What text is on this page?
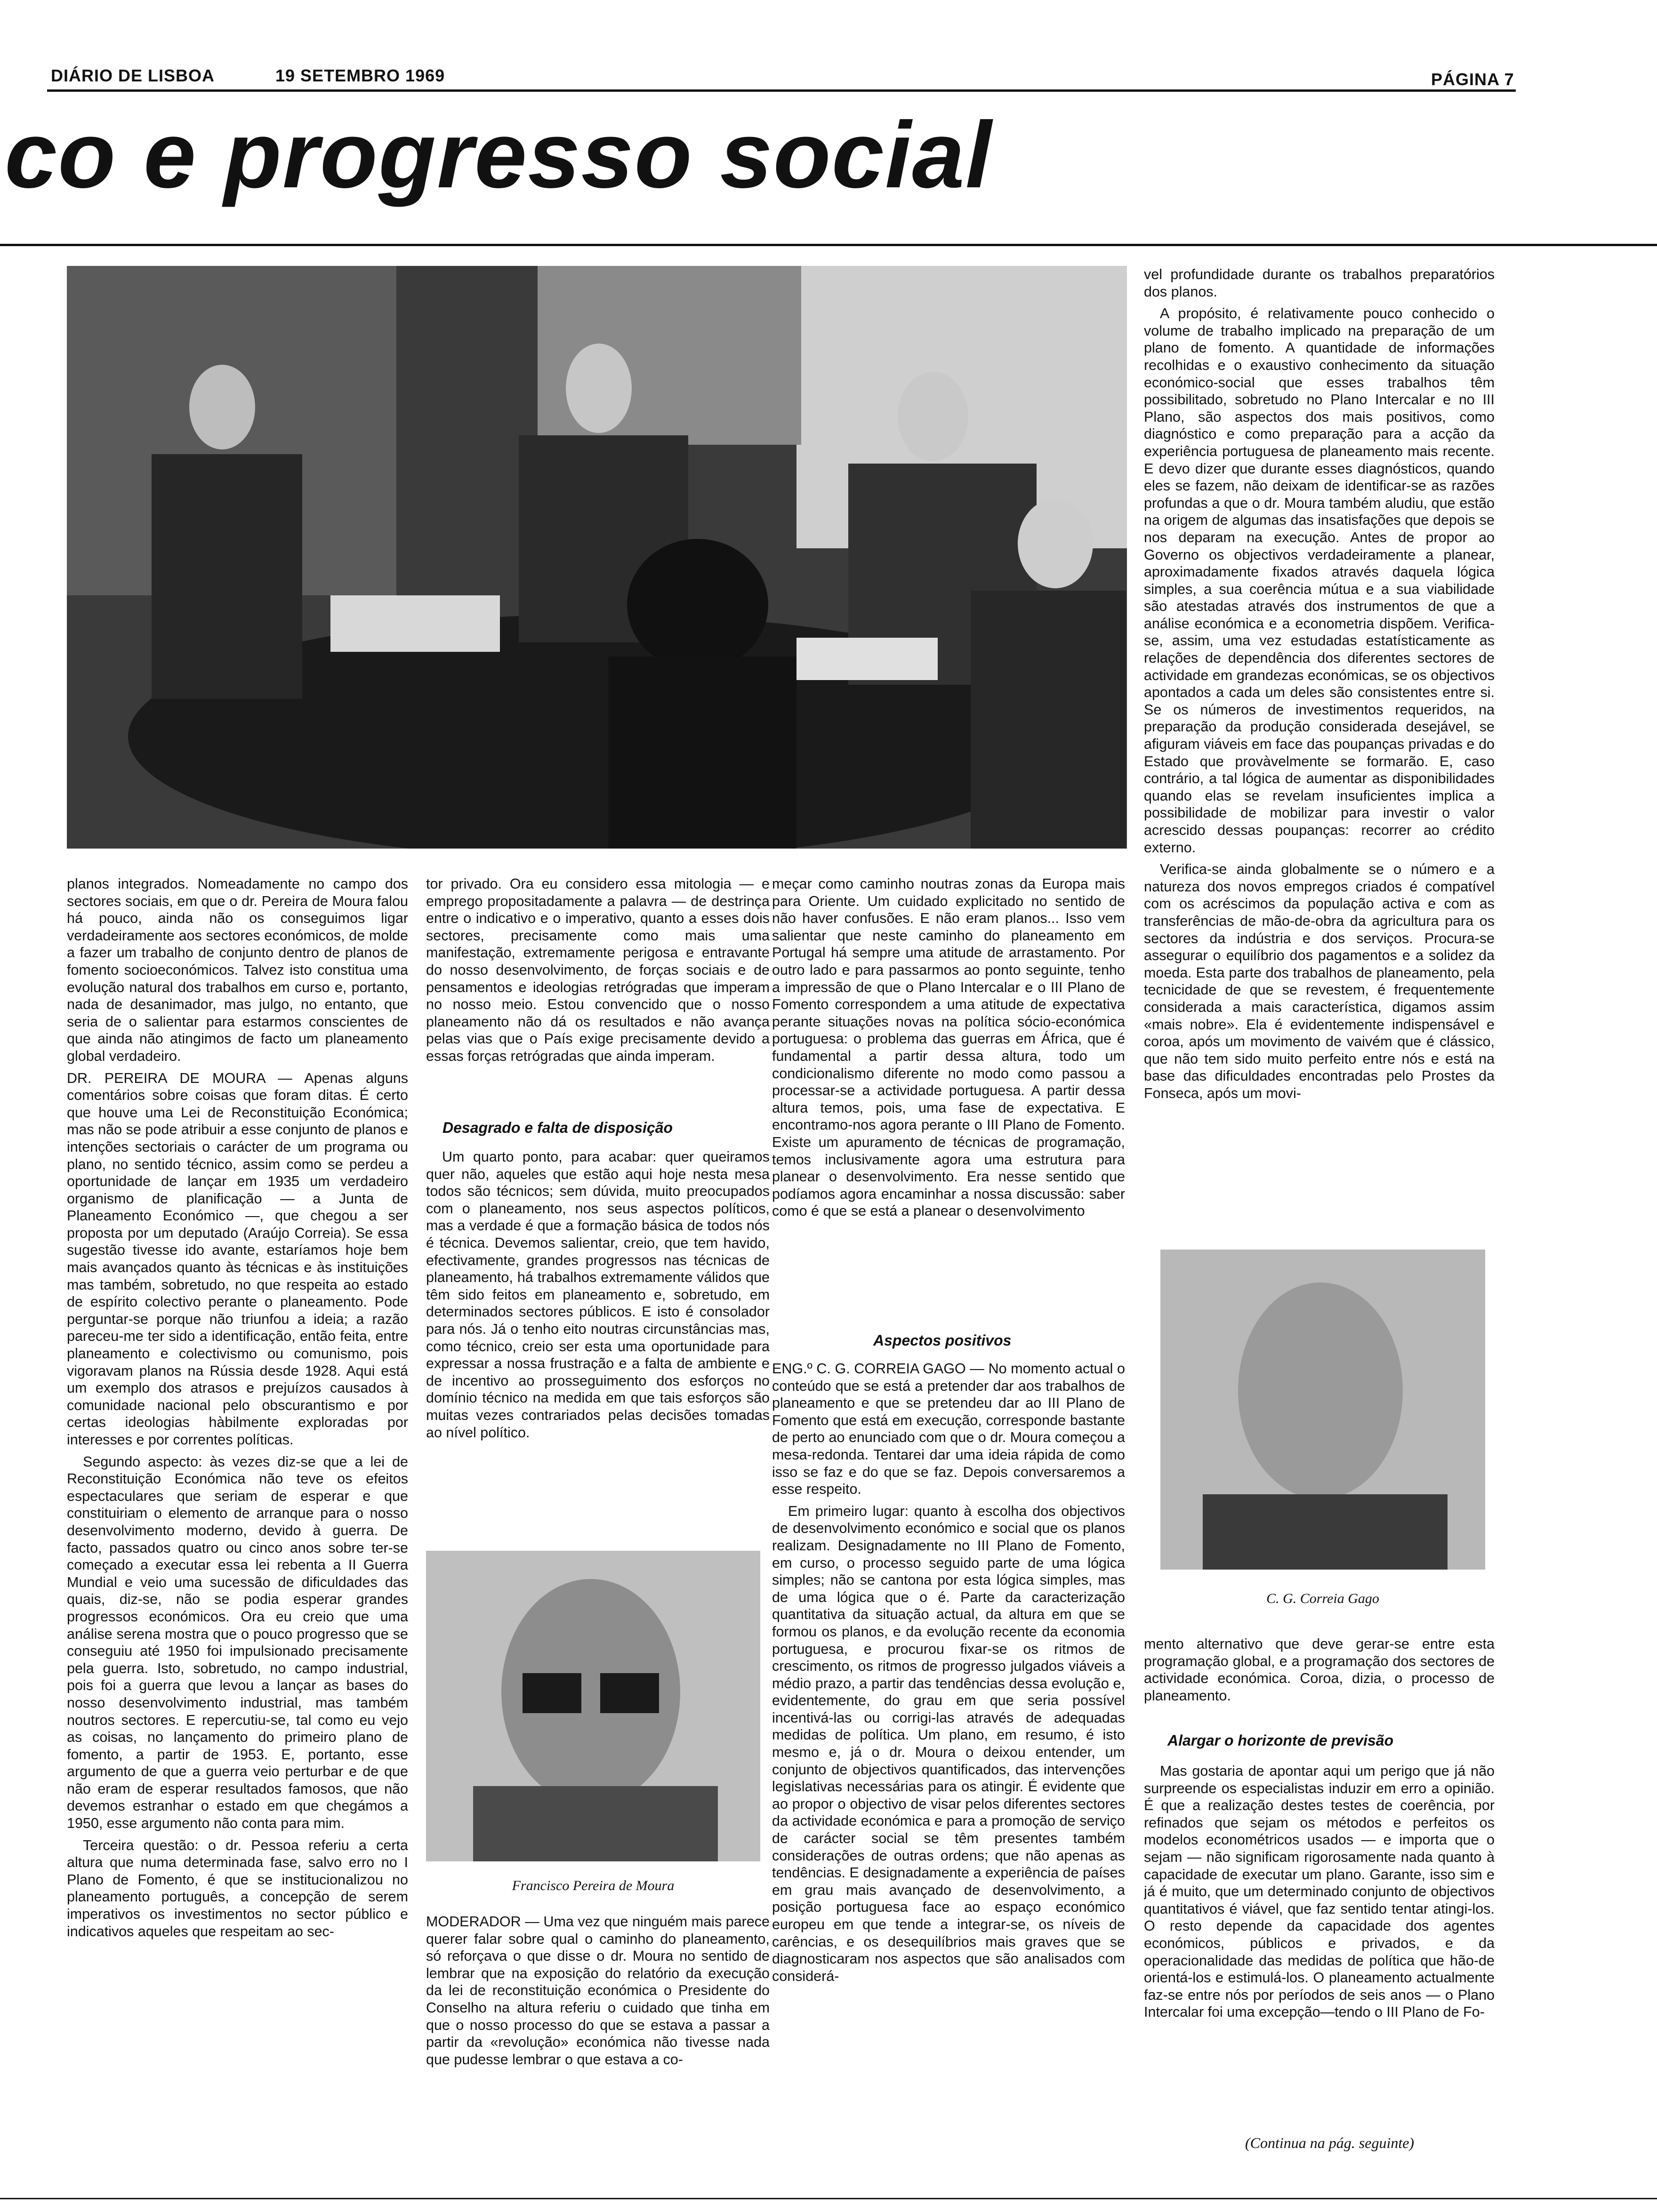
DIÁRIO DE LISBOA	19 SETEMBRO 1969	PÁGINA 7
co e progresso social

planos integrados. Nomeadamente no campo dos sectores sociais, em que o dr. Pereira de Moura falou há pouco, ainda não os conseguimos ligar verdadeiramente aos sectores económicos, de molde a fazer um trabalho de conjunto dentro de planos de fomento socioeconómicos. Talvez isto constitua uma evolução natural dos trabalhos em curso e, portanto, nada de desanimador, mas julgo, no entanto, que seria de o salientar para estarmos conscientes de que ainda não atingimos de facto um planeamento global verdadeiro.

DR. PEREIRA DE MOURA — Apenas alguns comentários sobre coisas que foram ditas. É certo que houve uma Lei de Reconstituição Económica; mas não se pode atribuir a esse conjunto de planos e intenções sectoriais o carácter de um programa ou plano, no sentido técnico, assim como se perdeu a oportunidade de lançar em 1935 um verdadeiro organismo de planificação — a Junta de Planeamento Económico —, que chegou a ser proposta por um deputado (Araújo Correia). Se essa sugestão tivesse ido avante, estaríamos hoje bem mais avançados quanto às técnicas e às instituições mas também, sobretudo, no que respeita ao estado de espírito colectivo perante o planeamento. Pode perguntar-se porque não triunfou a ideia; a razão pareceu-me ter sido a identificação, então feita, entre planeamento e colectivismo ou comunismo, pois vigoravam planos na Rússia desde 1928. Aqui está um exemplo dos atrasos e prejuízos causados à comunidade nacional pelo obscurantismo e por certas ideologias hàbilmente exploradas por interesses e por correntes políticas.

Segundo aspecto: às vezes diz-se que a lei de Reconstituição Económica não teve os efeitos espectaculares que seriam de esperar e que constituiriam o elemento de arranque para o nosso desenvolvimento moderno, devido à guerra. De facto, passados quatro ou cinco anos sobre ter-se começado a executar essa lei rebenta a II Guerra Mundial e veio uma sucessão de dificuldades das quais, diz-se, não se podia esperar grandes progressos económicos. Ora eu creio que uma análise serena mostra que o pouco progresso que se conseguiu até 1950 foi impulsionado precisamente pela guerra. Isto, sobretudo, no campo industrial, pois foi a guerra que levou a lançar as bases do nosso desenvolvimento industrial, mas também noutros sectores. E repercutiu-se, tal como eu vejo as coisas, no lançamento do primeiro plano de fomento, a partir de 1953. E, portanto, esse argumento de que a guerra veio perturbar e de que não eram de esperar resultados famosos, que não devemos estranhar o estado em que chegámos a 1950, esse argumento não conta para mim.

Terceira questão: o dr. Pessoa referiu a certa altura que numa determinada fase, salvo erro no I Plano de Fomento, é que se institucionalizou no planeamento português, a concepção de serem imperativos os investimentos no sector público e indicativos aqueles que respeitam ao sec-

tor privado. Ora eu considero essa mitologia — e emprego propositadamente a palavra — de destrinça entre o indicativo e o imperativo, quanto a esses dois sectores, precisamente como mais uma manifestação, extremamente perigosa e entravante do nosso desenvolvimento, de forças sociais e de pensamentos e ideologias retrógradas que imperam no nosso meio. Estou convencido que o nosso planeamento não dá os resultados e não avança pelas vias que o País exige precisamente devido a essas forças retrógradas que ainda imperam.

Desagrado e falta de disposição

Um quarto ponto, para acabar: quer queiramos quer não, aqueles que estão aqui hoje nesta mesa todos são técnicos; sem dúvida, muito preocupados com o planeamento, nos seus aspectos políticos, mas a verdade é que a formação básica de todos nós é técnica. Devemos salientar, creio, que tem havido, efectivamente, grandes progressos nas técnicas de planeamento, há trabalhos extremamente válidos que têm sido feitos em planeamento e, sobretudo, em determinados sectores públicos. E isto é consolador para nós. Já o tenho eito noutras circunstâncias mas, como técnico, creio ser esta uma oportunidade para expressar a nossa frustração e a falta de ambiente e de incentivo ao prosseguimento dos esforços no domínio técnico na medida em que tais esforços são muitas vezes contrariados pelas decisões tomadas ao nível político.

Francisco Pereira de Moura

MODERADOR — Uma vez que ninguém mais parece querer falar sobre qual o caminho do planeamento, só reforçava o que disse o dr. Moura no sentido de lembrar que na exposição do relatório da execução da lei de reconstituição económica o Presidente do Conselho na altura referiu o cuidado que tinha em que o nosso processo do que se estava a passar a partir da «revolução» económica não tivesse nada que pudesse lembrar o que estava a co-

meçar como caminho noutras zonas da Europa mais para Oriente. Um cuidado explicitado no sentido de não haver confusões. E não eram planos... Isso vem salientar que neste caminho do planeamento em Portugal há sempre uma atitude de arrastamento. Por outro lado e para passarmos ao ponto seguinte, tenho a impressão de que o Plano Intercalar e o III Plano de Fomento correspondem a uma atitude de expectativa perante situações novas na política sócio-económica portuguesa: o problema das guerras em África, que é fundamental a partir dessa altura, todo um condicionalismo diferente no modo como passou a processar-se a actividade portuguesa. A partir dessa altura temos, pois, uma fase de expectativa. E encontramo-nos agora perante o III Plano de Fomento. Existe um apuramento de técnicas de programação, temos inclusivamente agora uma estrutura para planear o desenvolvimento. Era nesse sentido que podíamos agora encaminhar a nossa discussão: saber como é que se está a planear o desenvolvimento

Aspectos positivos

ENG.º C. G. CORREIA GAGO — No momento actual o conteúdo que se está a pretender dar aos trabalhos de planeamento e que se pretendeu dar ao III Plano de Fomento que está em execução, corresponde bastante de perto ao enunciado com que o dr. Moura começou a mesa-redonda. Tentarei dar uma ideia rápida de como isso se faz e do que se faz. Depois conversaremos a esse respeito.

Em primeiro lugar: quanto à escolha dos objectivos de desenvolvimento económico e social que os planos realizam. Designadamente no III Plano de Fomento, em curso, o processo seguido parte de uma lógica simples; não se cantona por esta lógica simples, mas de uma lógica que o é. Parte da caracterização quantitativa da situação actual, da altura em que se formou os planos, e da evolução recente da economia portuguesa, e procurou fixar-se os ritmos de crescimento, os ritmos de progresso julgados viáveis a médio prazo, a partir das tendências dessa evolução e, evidentemente, do grau em que seria possível incentivá-las ou corrigi-las através de adequadas medidas de política. Um plano, em resumo, é isto mesmo e, já o dr. Moura o deixou entender, um conjunto de objectivos quantificados, das intervenções legislativas necessárias para os atingir. É evidente que ao propor o objectivo de visar pelos diferentes sectores da actividade económica e para a promoção de serviço de carácter social se têm presentes também considerações de outras ordens; que não apenas as tendências. E designadamente a experiência de países em grau mais avançado de desenvolvimento, a posição portuguesa face ao espaço económico europeu em que tende a integrar-se, os níveis de carências, e os desequilíbrios mais graves que se diagnosticaram nos aspectos que são analisados com considerá-

vel profundidade durante os trabalhos preparatórios dos planos.

A propósito, é relativamente pouco conhecido o volume de trabalho implicado na preparação de um plano de fomento. A quantidade de informações recolhidas e o exaustivo conhecimento da situação económico-social que esses trabalhos têm possibilitado, sobretudo no Plano Intercalar e no III Plano, são aspectos dos mais positivos, como diagnóstico e como preparação para a acção da experiência portuguesa de planeamento mais recente. E devo dizer que durante esses diagnósticos, quando eles se fazem, não deixam de identificar-se as razões profundas a que o dr. Moura também aludiu, que estão na origem de algumas das insatisfações que depois se nos deparam na execução. Antes de propor ao Governo os objectivos verdadeiramente a planear, aproximadamente fixados através daquela lógica simples, a sua coerência mútua e a sua viabilidade são atestadas através dos instrumentos de que a análise económica e a econometria dispõem. Verifica-se, assim, uma vez estudadas estatísticamente as relações de dependência dos diferentes sectores de actividade em grandezas económicas, se os objectivos apontados a cada um deles são consistentes entre si. Se os números de investimentos requeridos, na preparação da produção considerada desejável, se afiguram viáveis em face das poupanças privadas e do Estado que provàvelmente se formarão. E, caso contrário, a tal lógica de aumentar as disponibilidades quando elas se revelam insuficientes implica a possibilidade de mobilizar para investir o valor acrescido dessas poupanças: recorrer ao crédito externo.

Verifica-se ainda globalmente se o número e a natureza dos novos empregos criados é compatível com os acréscimos da população activa e com as transferências de mão-de-obra da agricultura para os sectores da indústria e dos serviços. Procura-se assegurar o equilíbrio dos pagamentos e a solidez da moeda. Esta parte dos trabalhos de planeamento, pela tecnicidade de que se revestem, é frequentemente considerada a mais característica, digamos assim «mais nobre». Ela é evidentemente indispensável e coroa, após um movimento de vaivém que é clássico, que não tem sido muito perfeito entre nós e está na base das dificuldades encontradas pelo Prostes da Fonseca, após um movi-

C. G. Correia Gago

mento alternativo que deve gerar-se entre esta programação global, e a programação dos sectores de actividade económica. Coroa, dizia, o processo de planeamento.

Alargar o horizonte de previsão

Mas gostaria de apontar aqui um perigo que já não surpreende os especialistas induzir em erro a opinião. É que a realização destes testes de coerência, por refinados que sejam os métodos e perfeitos os modelos econométricos usados — e importa que o sejam — não significam rigorosamente nada quanto à capacidade de executar um plano. Garante, isso sim e já é muito, que um determinado conjunto de objectivos quantitativos é viável, que faz sentido tentar atingi-los. O resto depende da capacidade dos agentes económicos, públicos e privados, e da operacionalidade das medidas de política que hão-de orientá-los e estimulá-los. O planeamento actualmente faz-se entre nós por períodos de seis anos — o Plano Intercalar foi uma excepção—tendo o III Plano de Fo-

(Continua na pág. seguinte)
